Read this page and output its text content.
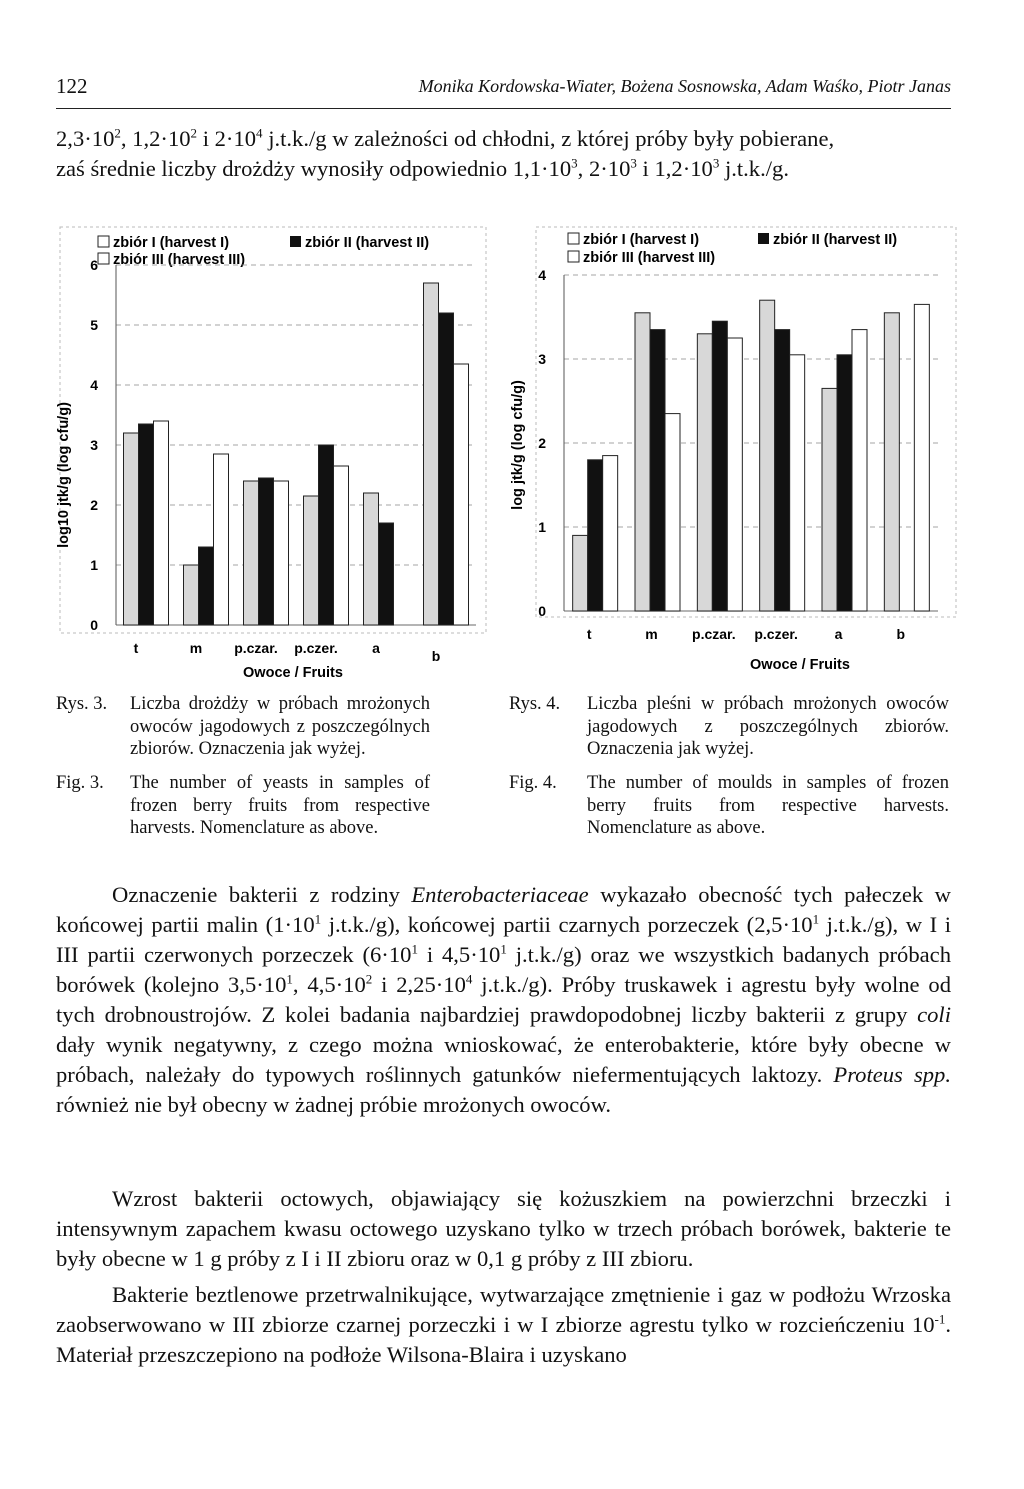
122	Monika Kordowska-Wiater, Bożena Sosnowska, Adam Waśko, Piotr Janas

$2,3\cdot 10^2$, $1,2\cdot 10^2$ i $2\cdot 10^4$ j.t.k./g w zależności od chłodni, z której próby były pobierane,
zaś średnie liczby drożdży wynosiły odpowiednio $1,1\cdot 10^3$, $2\cdot 10^3$ i $1,2\cdot 10^3$ j.t.k./g.

zbiór I (harvest I)	zbiór II (harvest II)
zbiór III (harvest III)
log10 jtk/g (log cfu/g)
0
1
2
3
4
5
6
t	m p.czar. p.czer. a	b
Owoce / Fruits
zbiór I (harvest I)	zbiór II (harvest II)
zbiór III (harvest III)
log jtk/g (log cfu/g)
0
1
2
3
4
t	m p.czar. p.czer.	a	b
Owoce / Fruits
Rys. 3. Liczba drożdży w próbach mrożonych owoców jagodowych z poszczególnych zbiorów. Oznaczenia jak wyżej.
Fig. 3. The number of yeasts in samples of frozen berry fruits from respective harvests. Nomenclature as above.
Rys. 4. Liczba pleśni w próbach mrożonych owoców jagodowych z poszczególnych zbiorów. Oznaczenia jak wyżej.
Fig. 4. The number of moulds in samples of frozen berry fruits from respective harvests. Nomenclature as above.

Oznaczenie bakterii z rodziny Enterobacteriaceae wykazało obecność tych pałeczek w końcowej partii malin ($1\cdot 10^1$ j.t.k./g), końcowej partii czarnych porzeczek ($2,5\cdot 10^1$ j.t.k./g), w I i III partii czerwonych porzeczek ($6\cdot 10^1$ i $4,5\cdot 10^1$ j.t.k./g) oraz we wszystkich badanych próbach borówek (kolejno $3,5\cdot 10^1$, $4,5\cdot 10^2$ i $2,25\cdot 10^4$ j.t.k./g). Próby truskawek i agrestu były wolne od tych drobnoustrojów. Z kolei badania najbardziej prawdopodobnej liczby bakterii z grupy coli dały wynik negatywny, z czego można wnioskować, że enterobakterie, które były obecne w próbach, należały do typowych roślinnych gatunków niefermentujących laktozy. Proteus spp. również nie był obecny w żadnej próbie mrożonych owoców.

Wzrost bakterii octowych, objawiający się kożuszkiem na powierzchni brzeczki i intensywnym zapachem kwasu octowego uzyskano tylko w trzech próbach borówek, bakterie te były obecne w 1 g próby z I i II zbioru oraz w 0,1 g próby z III zbioru.

Bakterie beztlenowe przetrwalnikujące, wytwarzające zmętnienie i gaz w podłożu Wrzoska zaobserwowano w III zbiorze czarnej porzeczki i w I zbiorze agrestu tylko w rozcieńczeniu $10^{-1}$. Materiał przeszczepiono na podłoże Wilsona-Blaira i uzyskano
